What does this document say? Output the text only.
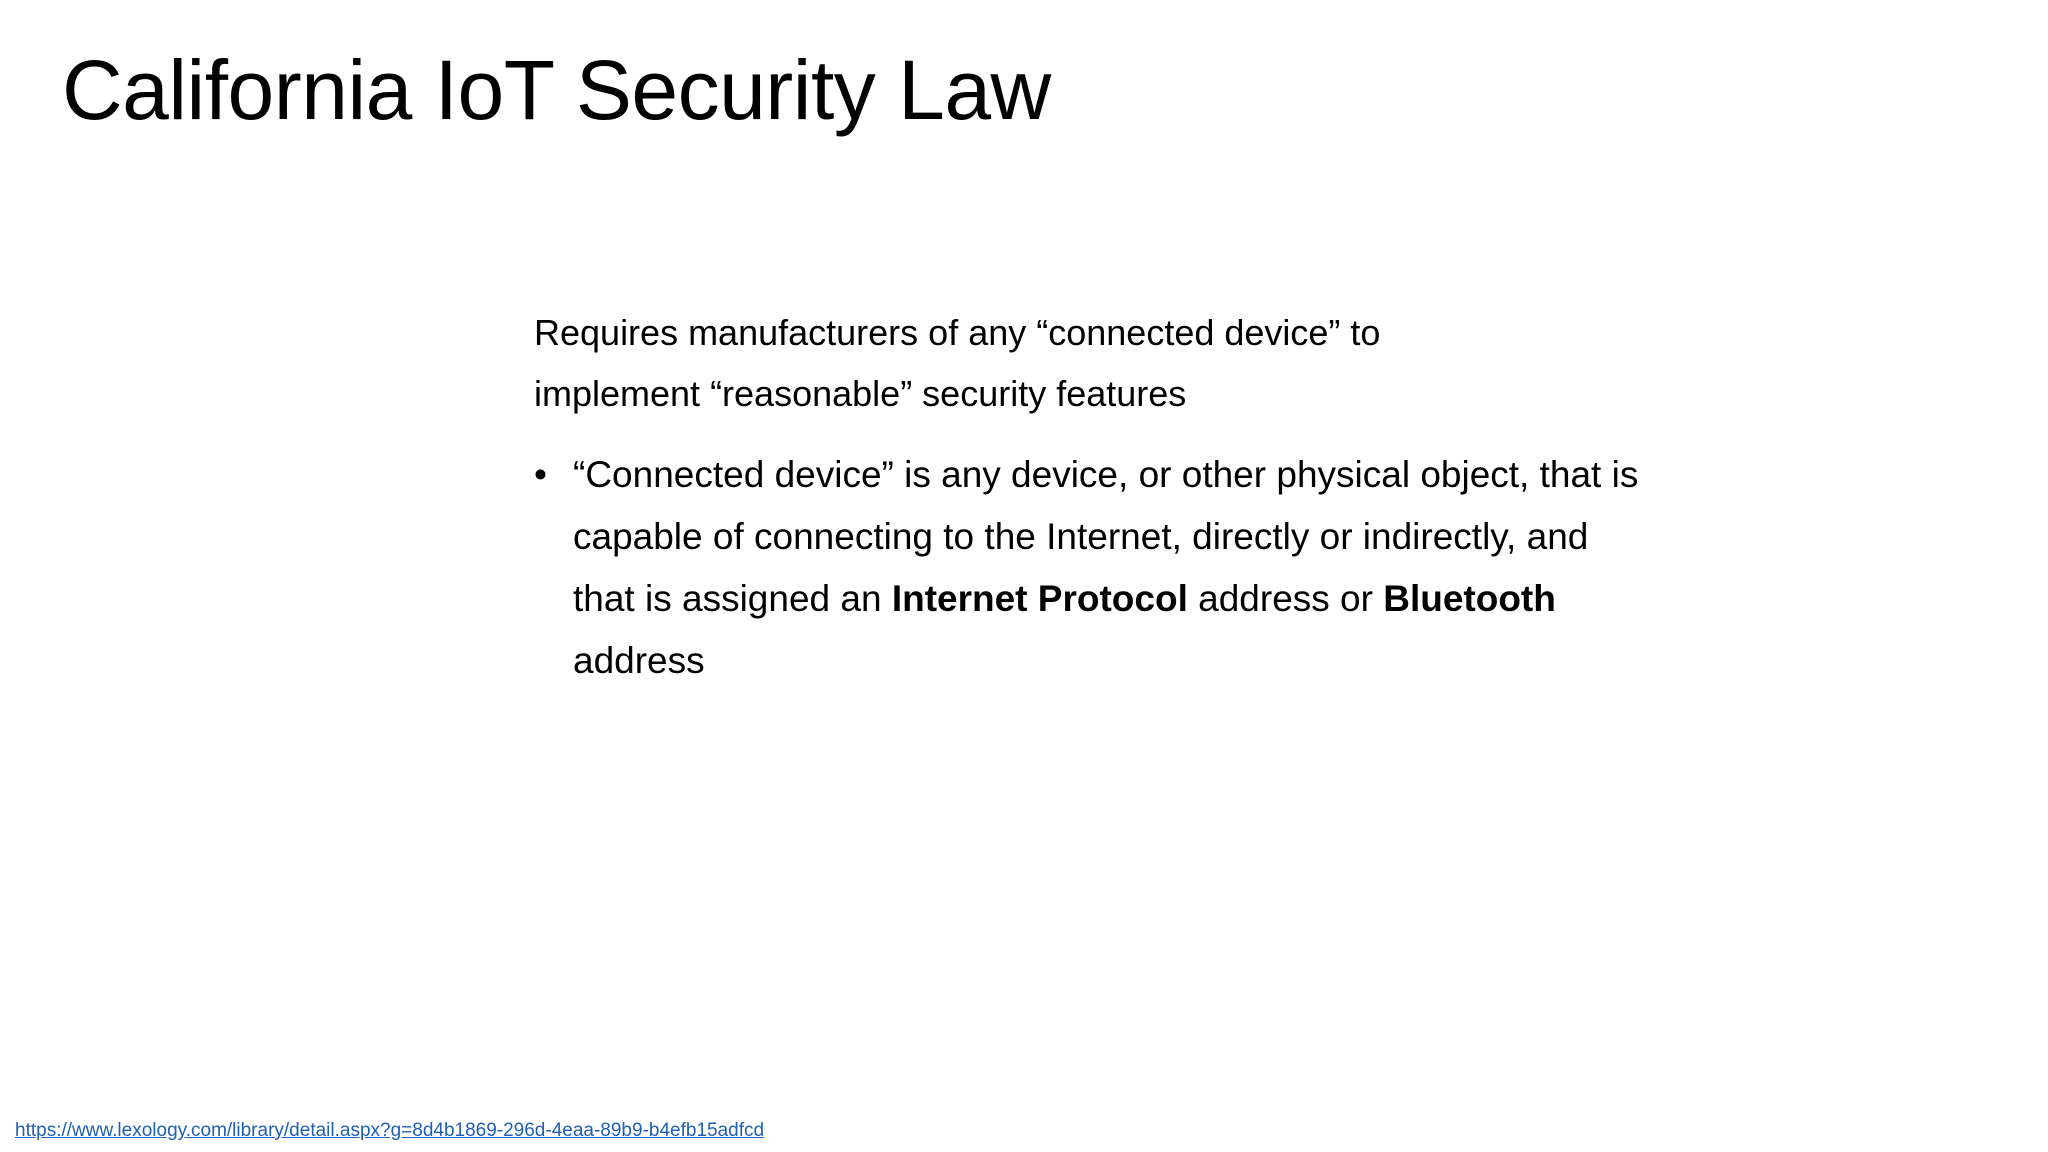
California IoT Security Law

Requires manufacturers of any “connected device” to implement “reasonable” security features

• “Connected device” is any device, or other physical object, that is capable of connecting to the Internet, directly or indirectly, and that is assigned an Internet Protocol address or Bluetooth address
https://www.lexology.com/library/detail.aspx?g=8d4b1869-296d-4eaa-89b9-b4efb15adfcd
